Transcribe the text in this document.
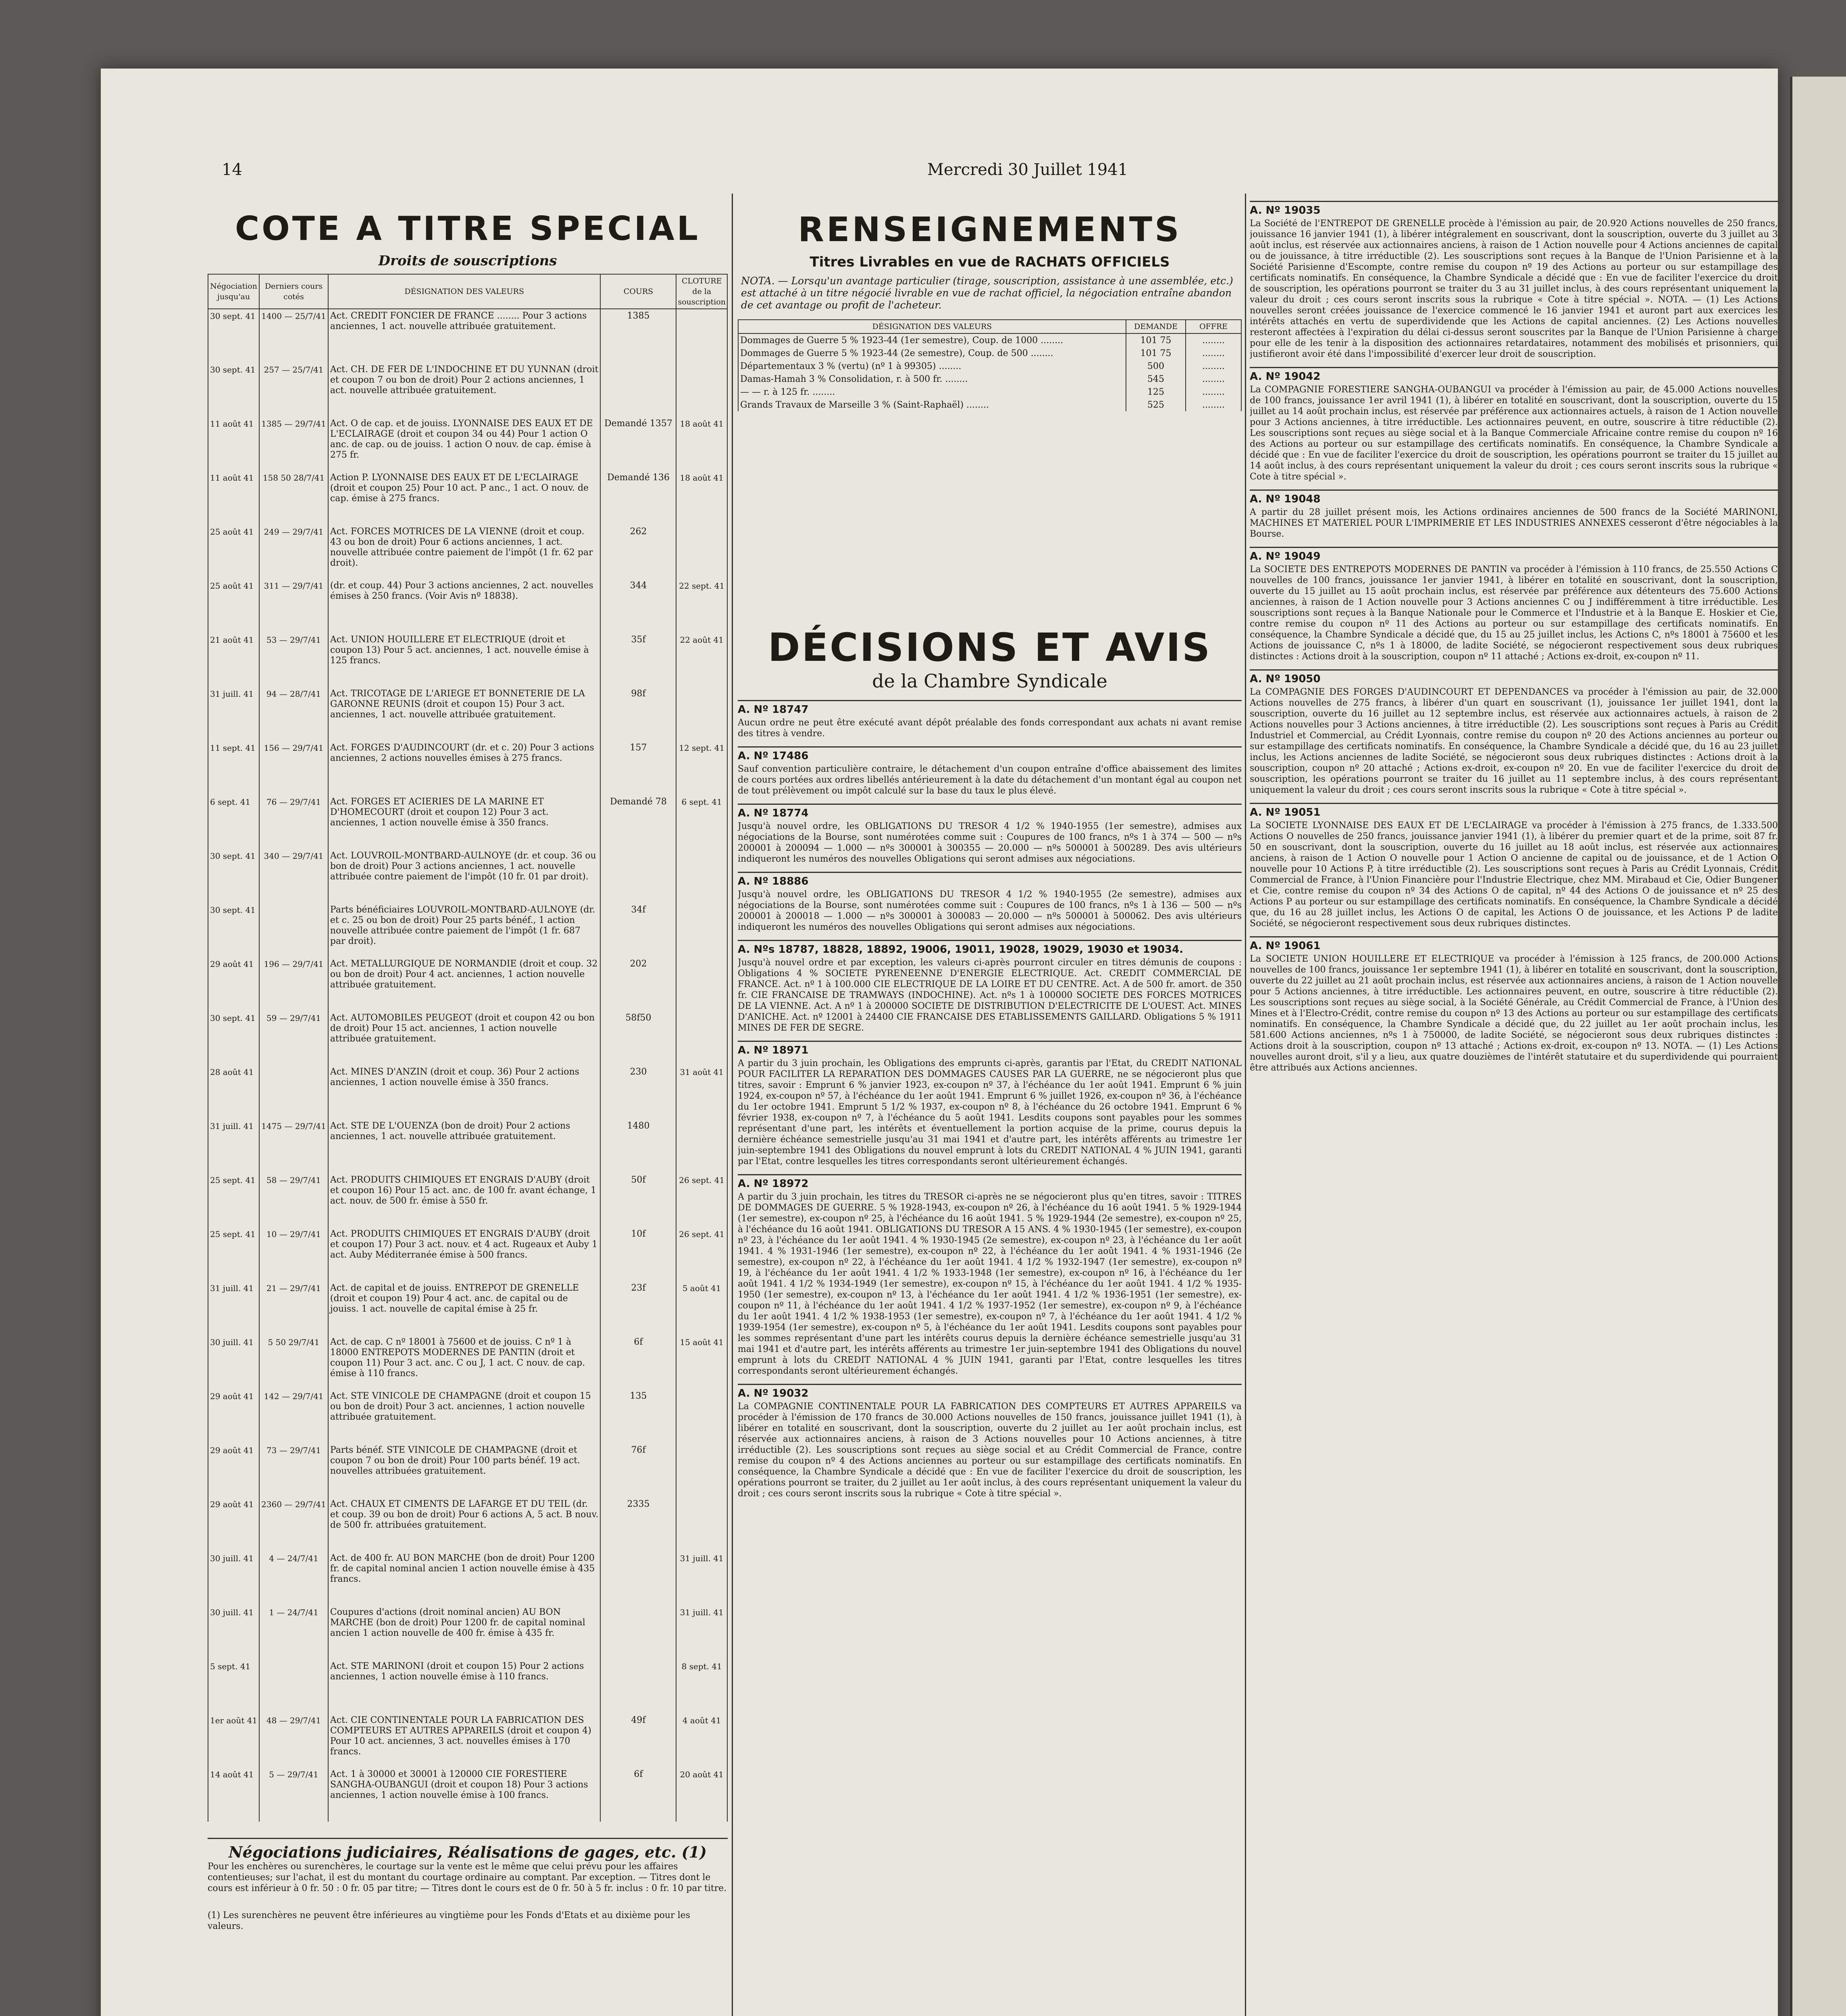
14	Mercredi 30 Juillet 1941
COTE A TITRE SPECIAL
Droits de souscriptions
Négociation jusqu'au	Derniers cours cotés	DÉSIGNATION DES VALEURS	COURS	CLOTURE de la souscription
30 sept. 41	1400 — 25/7/41	Act. CREDIT FONCIER DE FRANCE ........ Pour 3 actions anciennes, 1 act. nouvelle attribuée gratuitement.	1385	
30 sept. 41	257 — 25/7/41	Act. CH. DE FER DE L'INDOCHINE ET DU YUNNAN (droit et coupon 7 ou bon de droit) Pour 2 actions anciennes, 1 act. nouvelle attribuée gratuitement.		
11 août 41	1385 — 29/7/41	Act. O de cap. et de jouiss. LYONNAISE DES EAUX ET DE L'ECLAIRAGE (droit et coupon 34 ou 44) Pour 1 action O anc. de cap. ou de jouiss. 1 action O nouv. de cap. émise à 275 fr.	Demandé 1357	18 août 41
11 août 41	158 50 28/7/41	Action P. LYONNAISE DES EAUX ET DE L'ECLAIRAGE (droit et coupon 25) Pour 10 act. P anc., 1 act. O nouv. de cap. émise à 275 francs.	Demandé 136	18 août 41
25 août 41	249 — 29/7/41	Act. FORCES MOTRICES DE LA VIENNE (droit et coup. 43 ou bon de droit) Pour 6 actions anciennes, 1 act. nouvelle attribuée contre paiement de l'impôt (1 fr. 62 par droit).	262	
25 août 41	311 — 29/7/41	(dr. et coup. 44) Pour 3 actions anciennes, 2 act. nouvelles émises à 250 francs. (Voir Avis nº 18838).	344	22 sept. 41
21 août 41	53 — 29/7/41	Act. UNION HOUILLERE ET ELECTRIQUE (droit et coupon 13) Pour 5 act. anciennes, 1 act. nouvelle émise à 125 francs.	35f	22 août 41
31 juill. 41	94 — 28/7/41	Act. TRICOTAGE DE L'ARIEGE ET BONNETERIE DE LA GARONNE REUNIS (droit et coupon 15) Pour 3 act. anciennes, 1 act. nouvelle attribuée gratuitement.	98f	
11 sept. 41	156 — 29/7/41	Act. FORGES D'AUDINCOURT (dr. et c. 20) Pour 3 actions anciennes, 2 actions nouvelles émises à 275 francs.	157	12 sept. 41
6 sept. 41	76 — 29/7/41	Act. FORGES ET ACIERIES DE LA MARINE ET D'HOMECOURT (droit et coupon 12) Pour 3 act. anciennes, 1 action nouvelle émise à 350 francs.	Demandé 78	6 sept. 41
30 sept. 41	340 — 29/7/41	Act. LOUVROIL-MONTBARD-AULNOYE (dr. et coup. 36 ou bon de droit) Pour 3 actions anciennes, 1 act. nouvelle attribuée contre paiement de l'impôt (10 fr. 01 par droit).		
30 sept. 41		Parts bénéficiaires LOUVROIL-MONTBARD-AULNOYE (dr. et c. 25 ou bon de droit) Pour 25 parts bénéf., 1 action nouvelle attribuée contre paiement de l'impôt (1 fr. 687 par droit).	34f	
29 août 41	196 — 29/7/41	Act. METALLURGIQUE DE NORMANDIE (droit et coup. 32 ou bon de droit) Pour 4 act. anciennes, 1 action nouvelle attribuée gratuitement.	202	
30 sept. 41	59 — 29/7/41	Act. AUTOMOBILES PEUGEOT (droit et coupon 42 ou bon de droit) Pour 15 act. anciennes, 1 action nouvelle attribuée gratuitement.	58f50	
28 août 41		Act. MINES D'ANZIN (droit et coup. 36) Pour 2 actions anciennes, 1 action nouvelle émise à 350 francs.	230	31 août 41
31 juill. 41	1475 — 29/7/41	Act. STE DE L'OUENZA (bon de droit) Pour 2 actions anciennes, 1 act. nouvelle attribuée gratuitement.	1480	
25 sept. 41	58 — 29/7/41	Act. PRODUITS CHIMIQUES ET ENGRAIS D'AUBY (droit et coupon 16) Pour 15 act. anc. de 100 fr. avant échange, 1 act. nouv. de 500 fr. émise à 550 fr.	50f	26 sept. 41
25 sept. 41	10 — 29/7/41	Act. PRODUITS CHIMIQUES ET ENGRAIS D'AUBY (droit et coupon 17) Pour 3 act. nouv. et 4 act. Rugeaux et Auby 1 act. Auby Méditerranée émise à 500 francs.	10f	26 sept. 41
31 juill. 41	21 — 29/7/41	Act. de capital et de jouiss. ENTREPOT DE GRENELLE (droit et coupon 19) Pour 4 act. anc. de capital ou de jouiss. 1 act. nouvelle de capital émise à 25 fr.	23f	5 août 41
30 juill. 41	5 50 29/7/41	Act. de cap. C nº 18001 à 75600 et de jouiss. C nº 1 à 18000 ENTREPOTS MODERNES DE PANTIN (droit et coupon 11) Pour 3 act. anc. C ou J, 1 act. C nouv. de cap. émise à 110 francs.	6f	15 août 41
29 août 41	142 — 29/7/41	Act. STE VINICOLE DE CHAMPAGNE (droit et coupon 15 ou bon de droit) Pour 3 act. anciennes, 1 action nouvelle attribuée gratuitement.	135	
29 août 41	73 — 29/7/41	Parts bénéf. STE VINICOLE DE CHAMPAGNE (droit et coupon 7 ou bon de droit) Pour 100 parts bénéf. 19 act. nouvelles attribuées gratuitement.	76f	
29 août 41	2360 — 29/7/41	Act. CHAUX ET CIMENTS DE LAFARGE ET DU TEIL (dr. et coup. 39 ou bon de droit) Pour 6 actions A, 5 act. B nouv. de 500 fr. attribuées gratuitement.	2335	
30 juill. 41	4 — 24/7/41	Act. de 400 fr. AU BON MARCHE (bon de droit) Pour 1200 fr. de capital nominal ancien 1 action nouvelle émise à 435 francs.		31 juill. 41
30 juill. 41	1 — 24/7/41	Coupures d'actions (droit nominal ancien) AU BON MARCHE (bon de droit) Pour 1200 fr. de capital nominal ancien 1 action nouvelle de 400 fr. émise à 435 fr.		31 juill. 41
5 sept. 41		Act. STE MARINONI (droit et coupon 15) Pour 2 actions anciennes, 1 action nouvelle émise à 110 francs.		8 sept. 41
1er août 41	48 — 29/7/41	Act. CIE CONTINENTALE POUR LA FABRICATION DES COMPTEURS ET AUTRES APPAREILS (droit et coupon 4) Pour 10 act. anciennes, 3 act. nouvelles émises à 170 francs.	49f	4 août 41
14 août 41	5 — 29/7/41	Act. 1 à 30000 et 30001 à 120000 CIE FORESTIERE SANGHA-OUBANGUI (droit et coupon 18) Pour 3 actions anciennes, 1 action nouvelle émise à 100 francs.	6f	20 août 41
Négociations judiciaires, Réalisations de gages, etc. (1)
Pour les enchères ou surenchères, le courtage sur la vente est le même que celui prévu pour les affaires contentieuses; sur l'achat, il est du montant du courtage ordinaire au comptant. Par exception. — Titres dont le cours est inférieur à 0 fr. 50 : 0 fr. 05 par titre; — Titres dont le cours est de 0 fr. 50 à 5 fr. inclus : 0 fr. 10 par titre.
(1) Les surenchères ne peuvent être inférieures au vingtième pour les Fonds d'Etats et au dixième pour les valeurs.
RENSEIGNEMENTS
Titres Livrables en vue de RACHATS OFFICIELS
NOTA. — Lorsqu'un avantage particulier (tirage, souscription, assistance à une assemblée, etc.) est attaché à un titre négocié livrable en vue de rachat officiel, la négociation entraîne abandon de cet avantage ou profit de l'acheteur.
DÉSIGNATION DES VALEURS	DEMANDE	OFFRE
Dommages de Guerre 5 % 1923-44 (1er semestre), Coup. de 1000 ........	101 75	........
Dommages de Guerre 5 % 1923-44 (2e semestre), Coup. de 500 ........	101 75	........
Départementaux 3 % (vertu) (nº 1 à 99305) ........	500	........
Damas-Hamah 3 % Consolidation, r. à 500 fr. ........	545	........
— — r. à 125 fr. ........	125	........
Grands Travaux de Marseille 3 % (Saint-Raphaël) ........	525	........
DÉCISIONS ET AVIS
de la Chambre Syndicale
A. Nº 18747
Aucun ordre ne peut être exécuté avant dépôt préalable des fonds correspondant aux achats ni avant remise des titres à vendre.
A. Nº 17486
Sauf convention particulière contraire, le détachement d'un coupon entraîne d'office abaissement des limites de cours portées aux ordres libellés antérieurement à la date du détachement d'un montant égal au coupon net de tout prélèvement ou impôt calculé sur la base du taux le plus élevé.
A. Nº 18774
Jusqu'à nouvel ordre, les OBLIGATIONS DU TRESOR 4 1/2 % 1940-1955 (1er semestre), admises aux négociations de la Bourse, sont numérotées comme suit : Coupures de 100 francs, nºs 1 à 374 — 500 — nºs 200001 à 200094 — 1.000 — nºs 300001 à 300355 — 20.000 — nºs 500001 à 500289. Des avis ultérieurs indiqueront les numéros des nouvelles Obligations qui seront admises aux négociations.
A. Nº 18886
Jusqu'à nouvel ordre, les OBLIGATIONS DU TRESOR 4 1/2 % 1940-1955 (2e semestre), admises aux négociations de la Bourse, sont numérotées comme suit : Coupures de 100 francs, nºs 1 à 136 — 500 — nºs 200001 à 200018 — 1.000 — nºs 300001 à 300083 — 20.000 — nºs 500001 à 500062. Des avis ultérieurs indiqueront les numéros des nouvelles Obligations qui seront admises aux négociations.
A. Nºs 18787, 18828, 18892, 19006, 19011, 19028, 19029, 19030 et 19034.
Jusqu'à nouvel ordre et par exception, les valeurs ci-après pourront circuler en titres démunis de coupons : Obligations 4 % SOCIETE PYRENEENNE D'ENERGIE ELECTRIQUE. Act. CREDIT COMMERCIAL DE FRANCE. Act. nº 1 à 100.000 CIE ELECTRIQUE DE LA LOIRE ET DU CENTRE. Act. A de 500 fr. amort. de 350 fr. CIE FRANCAISE DE TRAMWAYS (INDOCHINE). Act. nºs 1 à 100000 SOCIETE DES FORCES MOTRICES DE LA VIENNE. Act. A nº 1 à 200000 SOCIETE DE DISTRIBUTION D'ELECTRICITE DE L'OUEST. Act. MINES D'ANICHE. Act. nº 12001 à 24400 CIE FRANCAISE DES ETABLISSEMENTS GAILLARD. Obligations 5 % 1911 MINES DE FER DE SEGRE.
A. Nº 18971
A partir du 3 juin prochain, les Obligations des emprunts ci-après, garantis par l'Etat, du CREDIT NATIONAL POUR FACILITER LA REPARATION DES DOMMAGES CAUSES PAR LA GUERRE, ne se négocieront plus que titres, savoir : Emprunt 6 % janvier 1923, ex-coupon nº 37, à l'échéance du 1er août 1941. Emprunt 6 % juin 1924, ex-coupon nº 57, à l'échéance du 1er août 1941. Emprunt 6 % juillet 1926, ex-coupon nº 36, à l'échéance du 1er octobre 1941. Emprunt 5 1/2 % 1937, ex-coupon nº 8, à l'échéance du 26 octobre 1941. Emprunt 6 % février 1938, ex-coupon nº 7, à l'échéance du 5 août 1941. Lesdits coupons sont payables pour les sommes représentant d'une part, les intérêts et éventuellement la portion acquise de la prime, courus depuis la dernière échéance semestrielle jusqu'au 31 mai 1941 et d'autre part, les intérêts afférents au trimestre 1er juin-septembre 1941 des Obligations du nouvel emprunt à lots du CREDIT NATIONAL 4 % JUIN 1941, garanti par l'Etat, contre lesquelles les titres correspondants seront ultérieurement échangés.
A. Nº 18972
A partir du 3 juin prochain, les titres du TRESOR ci-après ne se négocieront plus qu'en titres, savoir : TITRES DE DOMMAGES DE GUERRE. 5 % 1928-1943, ex-coupon nº 26, à l'échéance du 16 août 1941. 5 % 1929-1944 (1er semestre), ex-coupon nº 25, à l'échéance du 16 août 1941. 5 % 1929-1944 (2e semestre), ex-coupon nº 25, à l'échéance du 16 août 1941. OBLIGATIONS DU TRESOR A 15 ANS. 4 % 1930-1945 (1er semestre), ex-coupon nº 23, à l'échéance du 1er août 1941. 4 % 1930-1945 (2e semestre), ex-coupon nº 23, à l'échéance du 1er août 1941. 4 % 1931-1946 (1er semestre), ex-coupon nº 22, à l'échéance du 1er août 1941. 4 % 1931-1946 (2e semestre), ex-coupon nº 22, à l'échéance du 1er août 1941. 4 1/2 % 1932-1947 (1er semestre), ex-coupon nº 19, à l'échéance du 1er août 1941. 4 1/2 % 1933-1948 (1er semestre), ex-coupon nº 16, à l'échéance du 1er août 1941. 4 1/2 % 1934-1949 (1er semestre), ex-coupon nº 15, à l'échéance du 1er août 1941. 4 1/2 % 1935-1950 (1er semestre), ex-coupon nº 13, à l'échéance du 1er août 1941. 4 1/2 % 1936-1951 (1er semestre), ex-coupon nº 11, à l'échéance du 1er août 1941. 4 1/2 % 1937-1952 (1er semestre), ex-coupon nº 9, à l'échéance du 1er août 1941. 4 1/2 % 1938-1953 (1er semestre), ex-coupon nº 7, à l'échéance du 1er août 1941. 4 1/2 % 1939-1954 (1er semestre), ex-coupon nº 5, à l'échéance du 1er août 1941. Lesdits coupons sont payables pour les sommes représentant d'une part les intérêts courus depuis la dernière échéance semestrielle jusqu'au 31 mai 1941 et d'autre part, les intérêts afférents au trimestre 1er juin-septembre 1941 des Obligations du nouvel emprunt à lots du CREDIT NATIONAL 4 % JUIN 1941, garanti par l'Etat, contre lesquelles les titres correspondants seront ultérieurement échangés.
A. Nº 19032
La COMPAGNIE CONTINENTALE POUR LA FABRICATION DES COMPTEURS ET AUTRES APPAREILS va procéder à l'émission de 170 francs de 30.000 Actions nouvelles de 150 francs, jouissance juillet 1941 (1), à libérer en totalité en souscrivant, dont la souscription, ouverte du 2 juillet au 1er août prochain inclus, est réservée aux actionnaires anciens, à raison de 3 Actions nouvelles pour 10 Actions anciennes, à titre irréductible (2). Les souscriptions sont reçues au siège social et au Crédit Commercial de France, contre remise du coupon nº 4 des Actions anciennes au porteur ou sur estampillage des certificats nominatifs. En conséquence, la Chambre Syndicale a décidé que : En vue de faciliter l'exercice du droit de souscription, les opérations pourront se traiter, du 2 juillet au 1er août inclus, à des cours représentant uniquement la valeur du droit ; ces cours seront inscrits sous la rubrique « Cote à titre spécial ».
A. Nº 19035
La Société de l'ENTREPOT DE GRENELLE procède à l'émission au pair, de 20.920 Actions nouvelles de 250 francs, jouissance 16 janvier 1941 (1), à libérer intégralement en souscrivant, dont la souscription, ouverte du 3 juillet au 3 août inclus, est réservée aux actionnaires anciens, à raison de 1 Action nouvelle pour 4 Actions anciennes de capital ou de jouissance, à titre irréductible (2). Les souscriptions sont reçues à la Banque de l'Union Parisienne et à la Société Parisienne d'Escompte, contre remise du coupon nº 19 des Actions au porteur ou sur estampillage des certificats nominatifs. En conséquence, la Chambre Syndicale a décidé que : En vue de faciliter l'exercice du droit de souscription, les opérations pourront se traiter du 3 au 31 juillet inclus, à des cours représentant uniquement la valeur du droit ; ces cours seront inscrits sous la rubrique « Cote à titre spécial ». NOTA. — (1) Les Actions nouvelles seront créées jouissance de l'exercice commencé le 16 janvier 1941 et auront part aux exercices les intérêts attachés en vertu de superdividende que les Actions de capital anciennes. (2) Les Actions nouvelles resteront affectées à l'expiration du délai ci-dessus seront souscrites par la Banque de l'Union Parisienne à charge pour elle de les tenir à la disposition des actionnaires retardataires, notamment des mobilisés et prisonniers, qui justifieront avoir été dans l'impossibilité d'exercer leur droit de souscription.
A. Nº 19042
La COMPAGNIE FORESTIERE SANGHA-OUBANGUI va procéder à l'émission au pair, de 45.000 Actions nouvelles de 100 francs, jouissance 1er avril 1941 (1), à libérer en totalité en souscrivant, dont la souscription, ouverte du 15 juillet au 14 août prochain inclus, est réservée par préférence aux actionnaires actuels, à raison de 1 Action nouvelle pour 3 Actions anciennes, à titre irréductible. Les actionnaires peuvent, en outre, souscrire à titre réductible (2). Les souscriptions sont reçues au siège social et à la Banque Commerciale Africaine contre remise du coupon nº 16 des Actions au porteur ou sur estampillage des certificats nominatifs. En conséquence, la Chambre Syndicale a décidé que : En vue de faciliter l'exercice du droit de souscription, les opérations pourront se traiter du 15 juillet au 14 août inclus, à des cours représentant uniquement la valeur du droit ; ces cours seront inscrits sous la rubrique « Cote à titre spécial ».
A. Nº 19048
A partir du 28 juillet présent mois, les Actions ordinaires anciennes de 500 francs de la Société MARINONI, MACHINES ET MATERIEL POUR L'IMPRIMERIE ET LES INDUSTRIES ANNEXES cesseront d'être négociables à la Bourse.
A. Nº 19049
La SOCIETE DES ENTREPOTS MODERNES DE PANTIN va procéder à l'émission à 110 francs, de 25.550 Actions C nouvelles de 100 francs, jouissance 1er janvier 1941, à libérer en totalité en souscrivant, dont la souscription, ouverte du 15 juillet au 15 août prochain inclus, est réservée par préférence aux détenteurs des 75.600 Actions anciennes, à raison de 1 Action nouvelle pour 3 Actions anciennes C ou J indifféremment à titre irréductible. Les souscriptions sont reçues à la Banque Nationale pour le Commerce et l'Industrie et à la Banque E. Hoskier et Cie, contre remise du coupon nº 11 des Actions au porteur ou sur estampillage des certificats nominatifs. En conséquence, la Chambre Syndicale a décidé que, du 15 au 25 juillet inclus, les Actions C, nºs 18001 à 75600 et les Actions de jouissance C, nºs 1 à 18000, de ladite Société, se négocieront respectivement sous deux rubriques distinctes : Actions droit à la souscription, coupon nº 11 attaché ; Actions ex-droit, ex-coupon nº 11.
A. Nº 19050
La COMPAGNIE DES FORGES D'AUDINCOURT ET DEPENDANCES va procéder à l'émission au pair, de 32.000 Actions nouvelles de 275 francs, à libérer d'un quart en souscrivant (1), jouissance 1er juillet 1941, dont la souscription, ouverte du 16 juillet au 12 septembre inclus, est réservée aux actionnaires actuels, à raison de 2 Actions nouvelles pour 3 Actions anciennes, à titre irréductible (2). Les souscriptions sont reçues à Paris au Crédit Industriel et Commercial, au Crédit Lyonnais, contre remise du coupon nº 20 des Actions anciennes au porteur ou sur estampillage des certificats nominatifs. En conséquence, la Chambre Syndicale a décidé que, du 16 au 23 juillet inclus, les Actions anciennes de ladite Société, se négocieront sous deux rubriques distinctes : Actions droit à la souscription, coupon nº 20 attaché ; Actions ex-droit, ex-coupon nº 20. En vue de faciliter l'exercice du droit de souscription, les opérations pourront se traiter du 16 juillet au 11 septembre inclus, à des cours représentant uniquement la valeur du droit ; ces cours seront inscrits sous la rubrique « Cote à titre spécial ».
A. Nº 19051
La SOCIETE LYONNAISE DES EAUX ET DE L'ECLAIRAGE va procéder à l'émission à 275 francs, de 1.333.500 Actions O nouvelles de 250 francs, jouissance janvier 1941 (1), à libérer du premier quart et de la prime, soit 87 fr. 50 en souscrivant, dont la souscription, ouverte du 16 juillet au 18 août inclus, est réservée aux actionnaires anciens, à raison de 1 Action O nouvelle pour 1 Action O ancienne de capital ou de jouissance, et de 1 Action O nouvelle pour 10 Actions P, à titre irréductible (2). Les souscriptions sont reçues à Paris au Crédit Lyonnais, Crédit Commercial de France, à l'Union Financière pour l'Industrie Electrique, chez MM. Mirabaud et Cie, Odier Bungener et Cie, contre remise du coupon nº 34 des Actions O de capital, nº 44 des Actions O de jouissance et nº 25 des Actions P au porteur ou sur estampillage des certificats nominatifs. En conséquence, la Chambre Syndicale a décidé que, du 16 au 28 juillet inclus, les Actions O de capital, les Actions O de jouissance, et les Actions P de ladite Société, se négocieront respectivement sous deux rubriques distinctes.
A. Nº 19061
La SOCIETE UNION HOUILLERE ET ELECTRIQUE va procéder à l'émission à 125 francs, de 200.000 Actions nouvelles de 100 francs, jouissance 1er septembre 1941 (1), à libérer en totalité en souscrivant, dont la souscription, ouverte du 22 juillet au 21 août prochain inclus, est réservée aux actionnaires anciens, à raison de 1 Action nouvelle pour 5 Actions anciennes, à titre irréductible. Les actionnaires peuvent, en outre, souscrire à titre réductible (2). Les souscriptions sont reçues au siège social, à la Société Générale, au Crédit Commercial de France, à l'Union des Mines et à l'Electro-Crédit, contre remise du coupon nº 13 des Actions au porteur ou sur estampillage des certificats nominatifs. En conséquence, la Chambre Syndicale a décidé que, du 22 juillet au 1er août prochain inclus, les 581.600 Actions anciennes, nºs 1 à 750000, de ladite Société, se négocieront sous deux rubriques distinctes : Actions droit à la souscription, coupon nº 13 attaché ; Actions ex-droit, ex-coupon nº 13. NOTA. — (1) Les Actions nouvelles auront droit, s'il y a lieu, aux quatre douzièmes de l'intérêt statutaire et du superdividende qui pourraient être attribués aux Actions anciennes.
